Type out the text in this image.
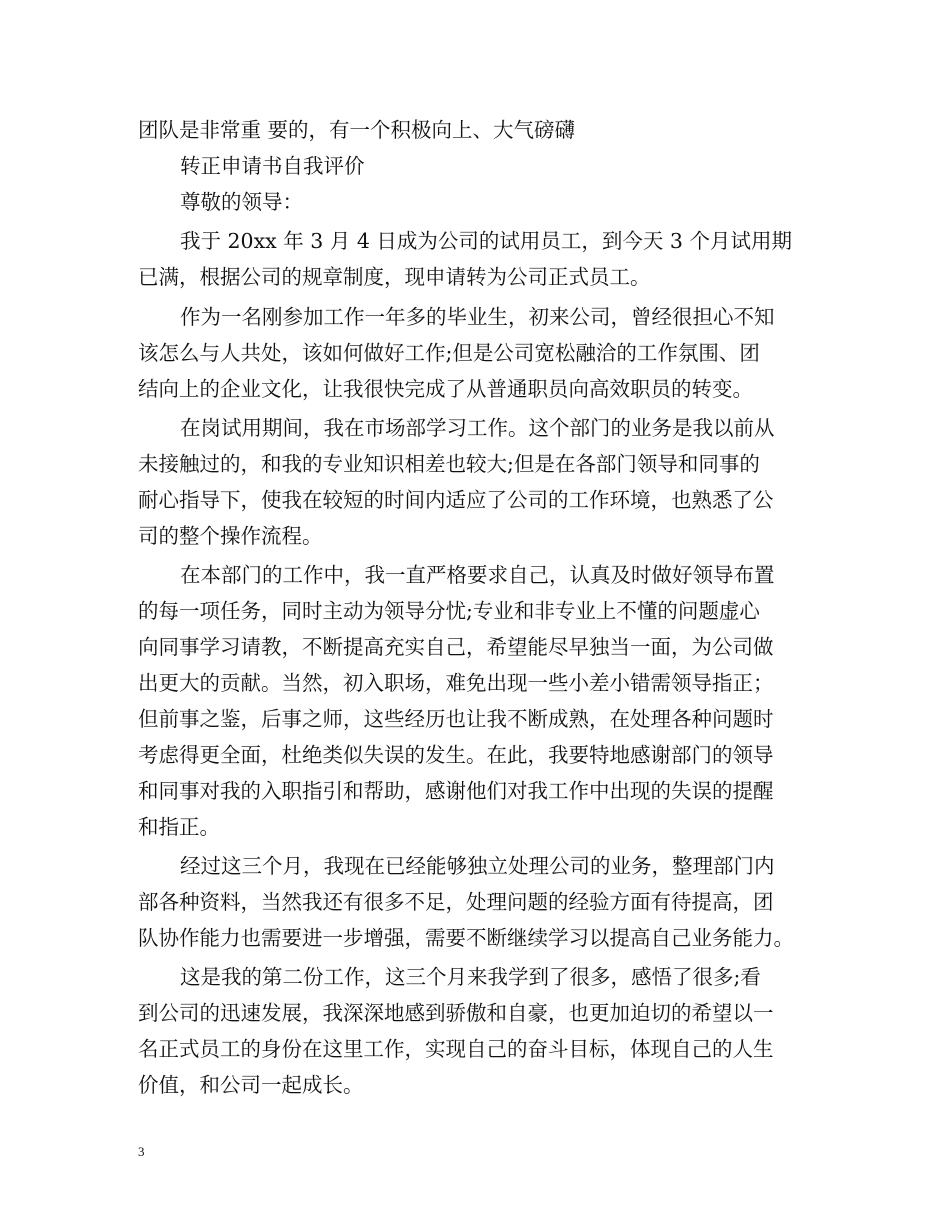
团队是非常重 要的，有一个积极向上、大气磅礴
转正申请书自我评价
尊敬的领导：
我于 20xx 年 3 月 4 日成为公司的试用员工，到今天 3 个月试用期
已满，根据公司的规章制度，现申请转为公司正式员工。
作为一名刚参加工作一年多的毕业生，初来公司，曾经很担心不知
该怎么与人共处，该如何做好工作;但是公司宽松融洽的工作氛围、团
结向上的企业文化，让我很快完成了从普通职员向高效职员的转变。
在岗试用期间，我在市场部学习工作。这个部门的业务是我以前从
未接触过的，和我的专业知识相差也较大;但是在各部门领导和同事的
耐心指导下，使我在较短的时间内适应了公司的工作环境，也熟悉了公
司的整个操作流程。
在本部门的工作中，我一直严格要求自己，认真及时做好领导布置
的每一项任务，同时主动为领导分忧;专业和非专业上不懂的问题虚心
向同事学习请教，不断提高充实自己，希望能尽早独当一面，为公司做
出更大的贡献。当然，初入职场，难免出现一些小差小错需领导指正；
但前事之鉴，后事之师，这些经历也让我不断成熟，在处理各种问题时
考虑得更全面，杜绝类似失误的发生。在此，我要特地感谢部门的领导
和同事对我的入职指引和帮助，感谢他们对我工作中出现的失误的提醒
和指正。
经过这三个月，我现在已经能够独立处理公司的业务，整理部门内
部各种资料，当然我还有很多不足，处理问题的经验方面有待提高，团
队协作能力也需要进一步增强，需要不断继续学习以提高自己业务能力。
这是我的第二份工作，这三个月来我学到了很多，感悟了很多;看
到公司的迅速发展，我深深地感到骄傲和自豪，也更加迫切的希望以一
名正式员工的身份在这里工作，实现自己的奋斗目标，体现自己的人生
价值，和公司一起成长。
3
